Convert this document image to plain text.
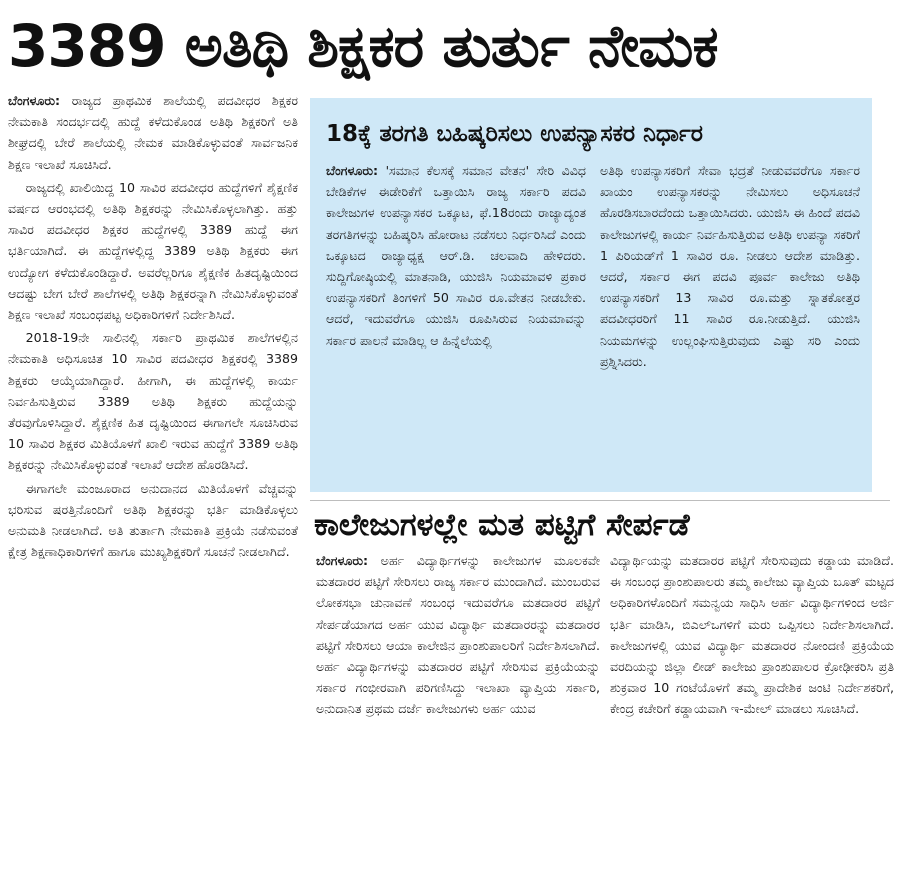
3389 ಅತಿಥಿ ಶಿಕ್ಷಕರ ತುರ್ತು ನೇಮಕ

ಬೆಂಗಳೂರು: ರಾಜ್ಯದ ಪ್ರಾಥಮಿಕ ಶಾಲೆಯಲ್ಲಿ ಪದವೀಧರ ಶಿಕ್ಷಕರ ನೇಮಕಾತಿ ಸಂದರ್ಭದಲ್ಲಿ ಹುದ್ದೆ ಕಳೆದುಕೊಂಡ ಅತಿಥಿ ಶಿಕ್ಷಕರಿಗೆ ಅತಿ ಶೀಘ್ರದಲ್ಲಿ ಬೇರೆ ಶಾಲೆಯಲ್ಲಿ ನೇಮಕ ಮಾಡಿಕೊಳ್ಳುವಂತೆ ಸಾರ್ವಜನಿಕ ಶಿಕ್ಷಣ ಇಲಾಖೆ ಸೂಚಿಸಿದೆ.

ರಾಜ್ಯದಲ್ಲಿ ಖಾಲಿಯಿದ್ದ 10 ಸಾವಿರ ಪದವೀಧರ ಹುದ್ದೆಗಳಿಗೆ ಶೈಕ್ಷಣಿಕ ವರ್ಷದ ಆರಂಭದಲ್ಲಿ ಅತಿಥಿ ಶಿಕ್ಷಕರನ್ನು ನೇಮಿಸಿಕೊಳ್ಳಲಾಗಿತ್ತು. ಹತ್ತು ಸಾವಿರ ಪದವೀಧರ ಶಿಕ್ಷಕರ ಹುದ್ದೆಗಳಲ್ಲಿ 3389 ಹುದ್ದೆ ಈಗ ಭರ್ತಿಯಾಗಿದೆ. ಈ ಹುದ್ದೆಗಳಲ್ಲಿದ್ದ 3389 ಅತಿಥಿ ಶಿಕ್ಷಕರು ಈಗ ಉದ್ಯೋಗ ಕಳೆದುಕೊಂಡಿದ್ದಾರೆ. ಅವರೆಲ್ಲರಿಗೂ ಶೈಕ್ಷಣಿಕ ಹಿತದೃಷ್ಟಿಯಿಂದ ಆದಷ್ಟು ಬೇಗ ಬೇರೆ ಶಾಲೆಗಳಲ್ಲಿ ಅತಿಥಿ ಶಿಕ್ಷಕರನ್ನಾಗಿ ನೇಮಿಸಿಕೊಳ್ಳುವಂತೆ ಶಿಕ್ಷಣ ಇಲಾಖೆ ಸಂಬಂಧಪಟ್ಟ ಅಧಿಕಾರಿಗಳಿಗೆ ನಿರ್ದೇಶಿಸಿದೆ.

2018-19ನೇ ಸಾಲಿನಲ್ಲಿ ಸರ್ಕಾರಿ ಪ್ರಾಥಮಿಕ ಶಾಲೆಗಳಲ್ಲಿನ ನೇಮಕಾತಿ ಅಧಿಸೂಚಿತ 10 ಸಾವಿರ ಪದವೀಧರ ಶಿಕ್ಷಕರಲ್ಲಿ 3389 ಶಿಕ್ಷಕರು ಆಯ್ಕೆಯಾಗಿದ್ದಾರೆ. ಹೀಗಾಗಿ, ಈ ಹುದ್ದೆಗಳಲ್ಲಿ ಕಾರ್ಯ ನಿರ್ವಹಿಸುತ್ತಿರುವ 3389 ಅತಿಥಿ ಶಿಕ್ಷಕರು ಹುದ್ದೆಯನ್ನು ತೆರವುಗೊಳಿಸಿದ್ದಾರೆ. ಶೈಕ್ಷಣಿಕ ಹಿತ ದೃಷ್ಟಿಯಿಂದ ಈಗಾಗಲೇ ಸೂಚಿಸಿರುವ 10 ಸಾವಿರ ಶಿಕ್ಷಕರ ಮಿತಿಯೊಳಗೆ ಖಾಲಿ ಇರುವ ಹುದ್ದೆಗೆ 3389 ಅತಿಥಿ ಶಿಕ್ಷಕರನ್ನು ನೇಮಿಸಿಕೊಳ್ಳುವಂತೆ ಇಲಾಖೆ ಆದೇಶ ಹೊರಡಿಸಿದೆ.

ಈಗಾಗಲೇ ಮಂಜೂರಾದ ಅನುದಾನದ ಮಿತಿಯೊಳಗೆ ವೆಚ್ಚವನ್ನು ಭರಿಸುವ ಷರತ್ತಿನೊಂದಿಗೆ ಅತಿಥಿ ಶಿಕ್ಷಕರನ್ನು ಭರ್ತಿ ಮಾಡಿಕೊಳ್ಳಲು ಅನುಮತಿ ನೀಡಲಾಗಿದೆ. ಅತಿ ತುರ್ತಾಗಿ ನೇಮಕಾತಿ ಪ್ರಕ್ರಿಯೆ ನಡೆಸುವಂತೆ ಕ್ಷೇತ್ರ ಶಿಕ್ಷಣಾಧಿಕಾರಿಗಳಿಗೆ ಹಾಗೂ ಮುಖ್ಯಶಿಕ್ಷಕರಿಗೆ ಸೂಚನೆ ನೀಡಲಾಗಿದೆ.

18ಕ್ಕೆ ತರಗತಿ ಬಹಿಷ್ಕರಿಸಲು ಉಪನ್ಯಾಸಕರ ನಿರ್ಧಾರ

ಬೆಂಗಳೂರು: 'ಸಮಾನ ಕೆಲಸಕ್ಕೆ ಸಮಾನ ವೇತನ' ಸೇರಿ ವಿವಿಧ ಬೇಡಿಕೆಗಳ ಈಡೇರಿಕೆಗೆ ಒತ್ತಾಯಿಸಿ ರಾಜ್ಯ ಸರ್ಕಾರಿ ಪದವಿ ಕಾಲೇಜುಗಳ ಉಪನ್ಯಾಸಕರ ಒಕ್ಕೂಟ, ಫೆ.18ರಂದು ರಾಜ್ಯಾದ್ಯಂತ ತರಗತಿಗಳನ್ನು ಬಹಿಷ್ಕರಿಸಿ ಹೋರಾಟ ನಡೆಸಲು ನಿರ್ಧರಿಸಿದೆ ಎಂದು ಒಕ್ಕೂಟದ ರಾಜ್ಯಾಧ್ಯಕ್ಷ ಆರ್.ಡಿ. ಚಲವಾದಿ ಹೇಳಿದರು. ಸುದ್ದಿಗೋಷ್ಠಿಯಲ್ಲಿ ಮಾತನಾಡಿ, ಯುಜಿಸಿ ನಿಯಮಾವಳಿ ಪ್ರಕಾರ ಉಪನ್ಯಾಸಕರಿಗೆ ತಿಂಗಳಿಗೆ 50 ಸಾವಿರ ರೂ.ವೇತನ ನೀಡಬೇಕು. ಆದರೆ, ಇದುವರೆಗೂ ಯುಜಿಸಿ ರೂಪಿಸಿರುವ ನಿಯಮಾವನ್ನು ಸರ್ಕಾರ ಪಾಲನೆ ಮಾಡಿಲ್ಲ ಆ ಹಿನ್ನೆಲೆಯಲ್ಲಿ

ಅತಿಥಿ ಉಪನ್ಯಾಸಕರಿಗೆ ಸೇವಾ ಭದ್ರತೆ ನೀಡುವವರೆಗೂ ಸರ್ಕಾರ ಖಾಯಂ ಉಪನ್ಯಾಸಕರನ್ನು ನೇಮಿಸಲು ಅಧಿಸೂಚನೆ ಹೊರಡಿಸಬಾರದೆಂದು ಒತ್ತಾಯಿಸಿದರು. ಯುಜಿಸಿ ಈ ಹಿಂದೆ ಪದವಿ ಕಾಲೇಜುಗಳಲ್ಲಿ ಕಾರ್ಯ ನಿರ್ವಹಿಸುತ್ತಿರುವ ಅತಿಥಿ ಉಪನ್ಯಾ ಸಕರಿಗೆ 1 ಪಿರಿಯಡ್‌ಗೆ 1 ಸಾವಿರ ರೂ. ನೀಡಲು ಆದೇಶ ಮಾಡಿತ್ತು. ಆದರೆ, ಸರ್ಕಾರ ಈಗ ಪದವಿ ಪೂರ್ವ ಕಾಲೇಜು ಅತಿಥಿ ಉಪನ್ಯಾಸಕರಿಗೆ 13 ಸಾವಿರ ರೂ.ಮತ್ತು ಸ್ನಾತಕೋತ್ತರ ಪದವೀಧರರಿಗೆ 11 ಸಾವಿರ ರೂ.ನೀಡುತ್ತಿದೆ. ಯುಜಿಸಿ ನಿಯಮಗಳನ್ನು ಉಲ್ಲಂಘಿಸುತ್ತಿರುವುದು ಎಷ್ಟು ಸರಿ ಎಂದು ಪ್ರಶ್ನಿಸಿದರು.

ಕಾಲೇಜುಗಳಲ್ಲೇ ಮತ ಪಟ್ಟಿಗೆ ಸೇರ್ಪಡೆ

ಬೆಂಗಳೂರು: ಅರ್ಹ ವಿದ್ಯಾರ್ಥಿಗಳನ್ನು ಕಾಲೇಜುಗಳ ಮೂಲಕವೇ ಮತದಾರರ ಪಟ್ಟಿಗೆ ಸೇರಿಸಲು ರಾಜ್ಯ ಸರ್ಕಾರ ಮುಂದಾಗಿದೆ. ಮುಂಬರುವ ಲೋಕಸಭಾ ಚುನಾವಣೆ ಸಂಬಂಧ ಇದುವರೆಗೂ ಮತದಾರರ ಪಟ್ಟಿಗೆ ಸೇರ್ಪಡೆಯಾಗದ ಅರ್ಹ ಯುವ ವಿದ್ಯಾರ್ಥಿ ಮತದಾರರನ್ನು ಮತದಾರರ ಪಟ್ಟಿಗೆ ಸೇರಿಸಲು ಆಯಾ ಕಾಲೇಜಿನ ಪ್ರಾಂಶುಪಾಲರಿಗೆ ನಿರ್ದೇಶಿಸಲಾಗಿದೆ. ಅರ್ಹ ವಿದ್ಯಾರ್ಥಿಗಳನ್ನು ಮತದಾರರ ಪಟ್ಟಿಗೆ ಸೇರಿಸುವ ಪ್ರಕ್ರಿಯೆಯನ್ನು ಸರ್ಕಾರ ಗಂಭೀರವಾಗಿ ಪರಿಗಣಿಸಿದ್ದು ಇಲಾಖಾ ವ್ಯಾಪ್ತಿಯ ಸರ್ಕಾರಿ, ಅನುದಾನಿತ ಪ್ರಥಮ ದರ್ಜೆ ಕಾಲೇಜುಗಳು ಅರ್ಹ ಯುವ

ವಿದ್ಯಾರ್ಥಿಯನ್ನು ಮತದಾರರ ಪಟ್ಟಿಗೆ ಸೇರಿಸುವುದು ಕಡ್ಡಾಯ ಮಾಡಿದೆ. ಈ ಸಂಬಂಧ ಪ್ರಾಂಶುಪಾಲರು ತಮ್ಮ ಕಾಲೇಜು ವ್ಯಾಪ್ತಿಯ ಬೂತ್ ಮಟ್ಟದ ಅಧಿಕಾರಿಗಳೊಂದಿಗೆ ಸಮನ್ವಯ ಸಾಧಿಸಿ ಅರ್ಹ ವಿದ್ಯಾರ್ಥಿಗಳಿಂದ ಅರ್ಜಿ ಭರ್ತಿ ಮಾಡಿಸಿ, ಬಿಎಲ್‌ಒಗಳಿಗೆ ಮರು ಒಪ್ಪಿಸಲು ನಿರ್ದೇಶಿಸಲಾಗಿದೆ. ಕಾಲೇಜುಗಳಲ್ಲಿ ಯುವ ವಿದ್ಯಾರ್ಥಿ ಮತದಾರರ ನೋಂದಣಿ ಪ್ರಕ್ರಿಯೆಯ ವರದಿಯನ್ನು ಜಿಲ್ಲಾ ಲೀಡ್ ಕಾಲೇಜು ಪ್ರಾಂಶುಪಾಲರ ಕ್ರೋಢೀಕರಿಸಿ ಪ್ರತಿ ಶುಕ್ರವಾರ 10 ಗಂಟೆಯೊಳಗೆ ತಮ್ಮ ಪ್ರಾದೇಶಿಕ ಜಂಟಿ ನಿರ್ದೇಶಕರಿಗೆ, ಕೇಂದ್ರ ಕಚೇರಿಗೆ ಕಡ್ಡಾಯವಾಗಿ ಇ-ಮೇಲ್ ಮಾಡಲು ಸೂಚಿಸಿದೆ.
